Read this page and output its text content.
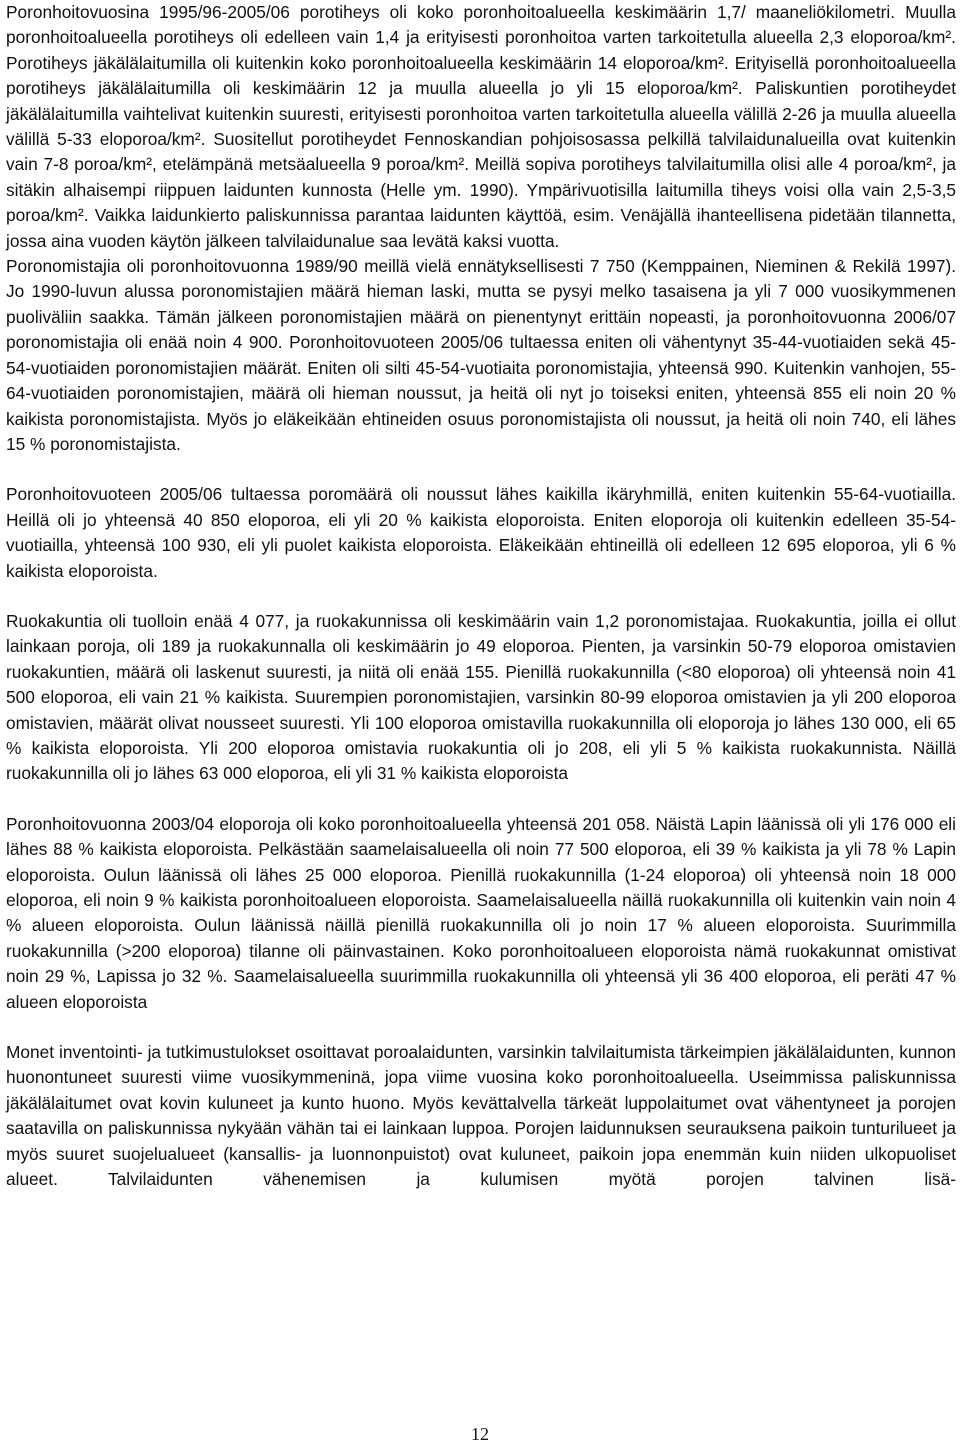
Poronhoitovuosina 1995/96-2005/06 porotiheys oli koko poronhoitoalueella keskimäärin 1,7/ maaneliökilometri. Muulla poronhoitoalueella porotiheys oli edelleen vain 1,4 ja erityisesti poronhoitoa varten tarkoitetulla alueella 2,3 eloporoa/km². Porotiheys jäkälälaitumilla oli kuitenkin koko poronhoitoalueella keskimäärin 14 eloporoa/km². Erityisellä poronhoitoalueella porotiheys jäkälälaitumilla oli keskimäärin 12 ja muulla alueella jo yli 15 eloporoa/km². Paliskuntien porotiheydet jäkälälaitumilla vaihtelivat kuitenkin suuresti, erityisesti poronhoitoa varten tarkoitetulla alueella välillä 2-26 ja muulla alueella välillä 5-33 eloporoa/km². Suositellut porotiheydet Fennoskandian pohjoisosassa pelkillä talvilaidunalueilla ovat kuitenkin vain 7-8 poroa/km², etelämpänä metsäalueella 9 poroa/km². Meillä sopiva porotiheys talvilaitumilla olisi alle 4 poroa/km², ja sitäkin alhaisempi riippuen laidunten kunnosta (Helle ym. 1990). Ympärivuotisilla laitumilla tiheys voisi olla vain 2,5-3,5 poroa/km². Vaikka laidunkierto paliskunnissa parantaa laidunten käyttöä, esim. Venäjällä ihanteellisena pidetään tilannetta, jossa aina vuoden käytön jälkeen talvilaidunalue saa levätä kaksi vuotta.

Poronomistajia oli poronhoitovuonna 1989/90 meillä vielä ennätyksellisesti 7 750 (Kemppainen, Nieminen & Rekilä 1997). Jo 1990-luvun alussa poronomistajien määrä hieman laski, mutta se pysyi melko tasaisena ja yli 7 000 vuosikymmenen puoliväliin saakka. Tämän jälkeen poronomistajien määrä on pienentynyt erittäin nopeasti, ja poronhoitovuonna 2006/07 poronomistajia oli enää noin 4 900. Poronhoitovuoteen 2005/06 tultaessa eniten oli vähentynyt 35-44-vuotiaiden sekä 45-54-vuotiaiden poronomistajien määrät. Eniten oli silti 45-54-vuotiaita poronomistajia, yhteensä 990. Kuitenkin vanhojen, 55-64-vuotiaiden poronomistajien, määrä oli hieman noussut, ja heitä oli nyt jo toiseksi eniten, yhteensä 855 eli noin 20 % kaikista poronomistajista. Myös jo eläkeikään ehtineiden osuus poronomistajista oli noussut, ja heitä oli noin 740, eli lähes 15 % poronomistajista.

Poronhoitovuoteen 2005/06 tultaessa poromäärä oli noussut lähes kaikilla ikäryhmillä, eniten kuitenkin 55-64-vuotiailla. Heillä oli jo yhteensä 40 850 eloporoa, eli yli 20 % kaikista eloporoista. Eniten eloporoja oli kuitenkin edelleen 35-54-vuotiailla, yhteensä 100 930, eli yli puolet kaikista eloporoista. Eläkeikään ehtineillä oli edelleen 12 695 eloporoa, yli 6 % kaikista eloporoista.

Ruokakuntia oli tuolloin enää 4 077, ja ruokakunnissa oli keskimäärin vain 1,2 poronomistajaa. Ruokakuntia, joilla ei ollut lainkaan poroja, oli 189 ja ruokakunnalla oli keskimäärin jo 49 eloporoa. Pienten, ja varsinkin 50-79 eloporoa omistavien ruokakuntien, määrä oli laskenut suuresti, ja niitä oli enää 155. Pienillä ruokakunnilla (<80 eloporoa) oli yhteensä noin 41 500 eloporoa, eli vain 21 % kaikista. Suurempien poronomistajien, varsinkin 80-99 eloporoa omistavien ja yli 200 eloporoa omistavien, määrät olivat nousseet suuresti. Yli 100 eloporoa omistavilla ruokakunnilla oli eloporoja jo lähes 130 000, eli 65 % kaikista eloporoista. Yli 200 eloporoa omistavia ruokakuntia oli jo 208, eli yli 5 % kaikista ruokakunnista. Näillä ruokakunnilla oli jo lähes 63 000 eloporoa, eli yli 31 % kaikista eloporoista

Poronhoitovuonna 2003/04 eloporoja oli koko poronhoitoalueella yhteensä 201 058. Näistä Lapin läänissä oli yli 176 000 eli lähes 88 % kaikista eloporoista. Pelkästään saamelaisalueella oli noin 77 500 eloporoa, eli 39 % kaikista ja yli 78 % Lapin eloporoista. Oulun läänissä oli lähes 25 000 eloporoa. Pienillä ruokakunnilla (1-24 eloporoa) oli yhteensä noin 18 000 eloporoa, eli noin 9 % kaikista poronhoitoalueen eloporoista. Saamelaisalueella näillä ruokakunnilla oli kuitenkin vain noin 4 % alueen eloporoista. Oulun läänissä näillä pienillä ruokakunnilla oli jo noin 17 % alueen eloporoista. Suurimmilla ruokakunnilla (>200 eloporoa) tilanne oli päinvastainen. Koko poronhoitoalueen eloporoista nämä ruokakunnat omistivat noin 29 %, Lapissa jo 32 %. Saamelaisalueella suurimmilla ruokakunnilla oli yhteensä yli 36 400 eloporoa, eli peräti 47 % alueen eloporoista

Monet inventointi- ja tutkimustulokset osoittavat poroalaidunten, varsinkin talvilaitumista tärkeimpien jäkälälaidunten, kunnon huonontuneet suuresti viime vuosikymmeninä, jopa viime vuosina koko poronhoitoalueella. Useimmissa paliskunnissa jäkälälaitumet ovat kovin kuluneet ja kunto huono. Myös kevättalvella tärkeät luppolaitumet ovat vähentyneet ja porojen saatavilla on paliskunnissa nykyään vähän tai ei lainkaan luppoa. Porojen laidunnuksen seurauksena paikoin tunturilueet ja myös suuret suojelualueet (kansallis- ja luonnonpuistot) ovat kuluneet, paikoin jopa enemmän kuin niiden ulkopuoliset alueet. Talvilaidunten vähenemisen ja kulumisen myötä porojen talvinen lisä-

12
